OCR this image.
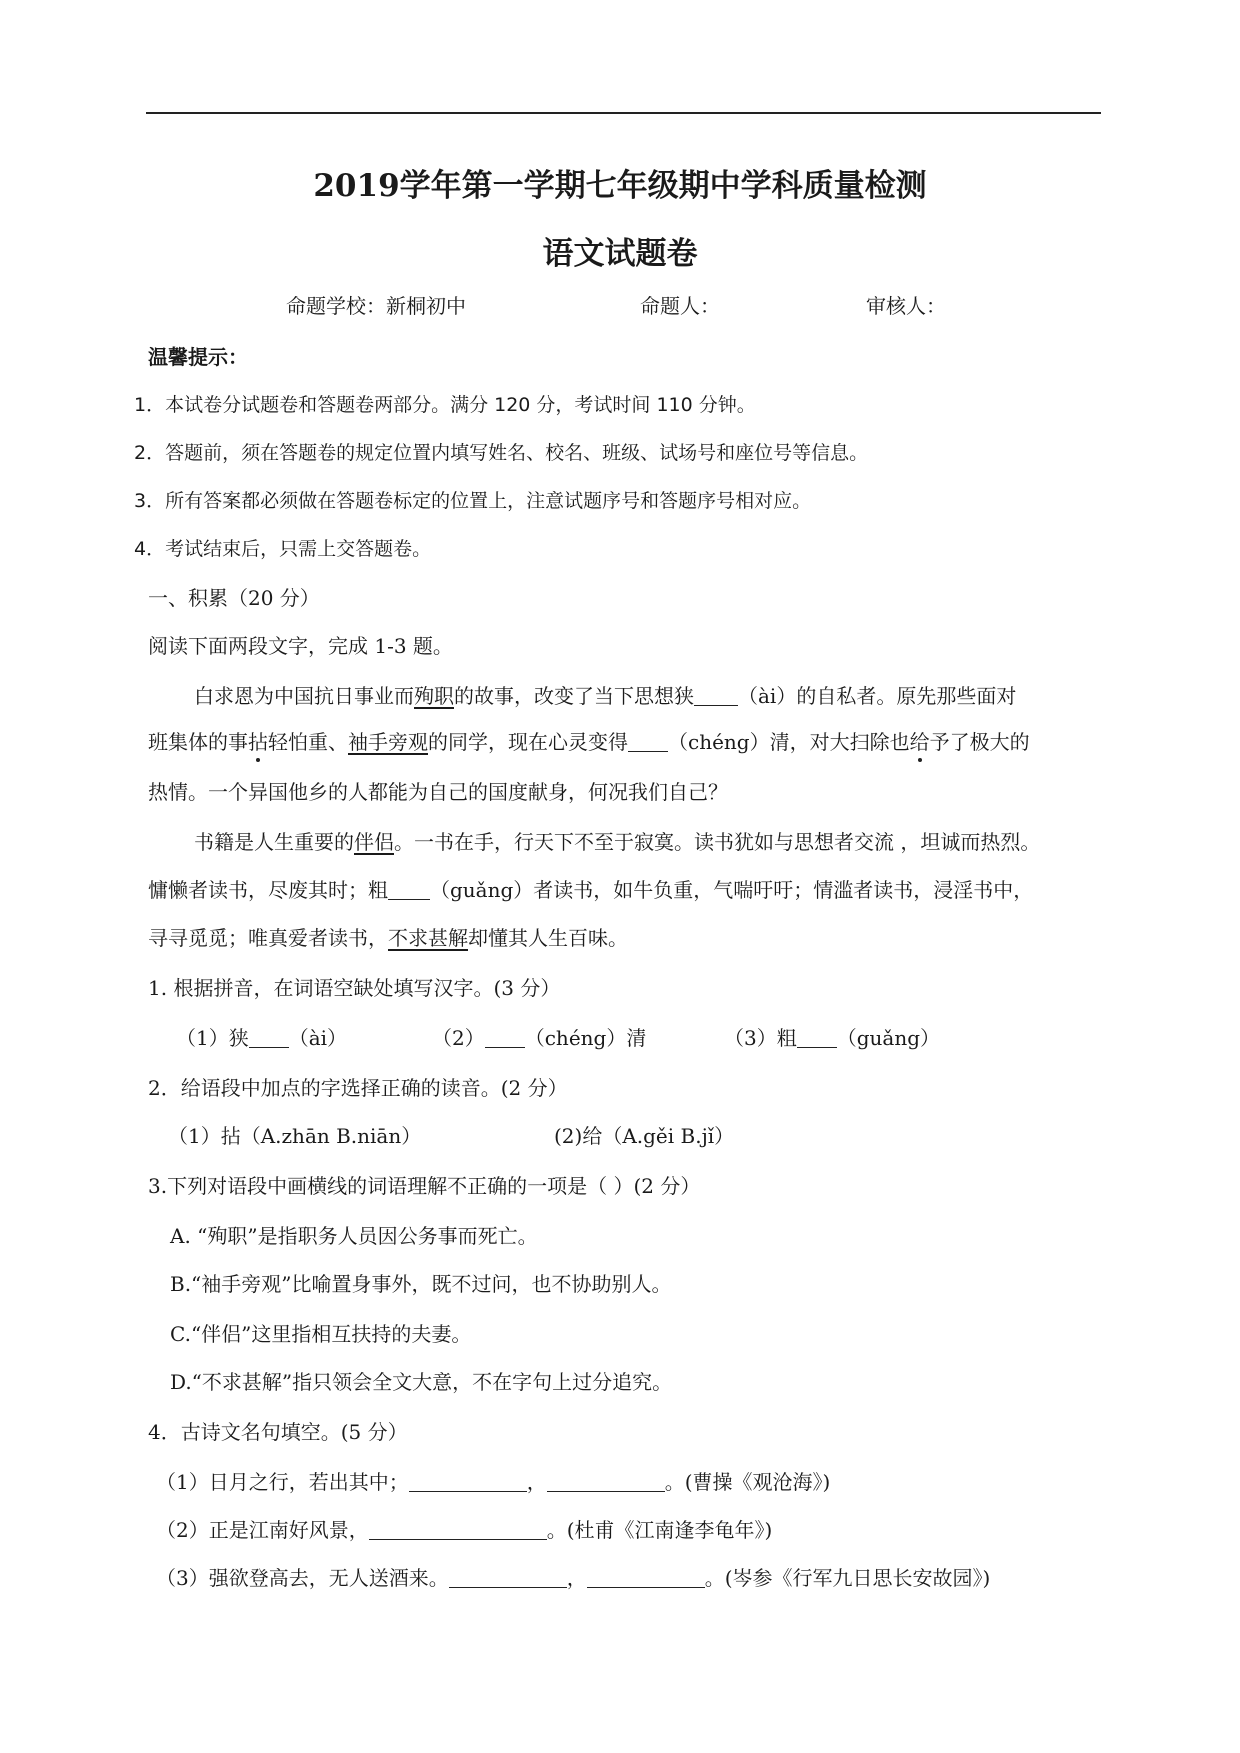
2019学年第一学期七年级期中学科质量检测
语文试题卷
命题学校：新桐初中	命题人：	审核人：
温馨提示：
1．本试卷分试题卷和答题卷两部分。满分 120 分，考试时间 110 分钟。
2．答题前，须在答题卷的规定位置内填写姓名、校名、班级、试场号和座位号等信息。
3．所有答案都必须做在答题卷标定的位置上，注意试题序号和答题序号相对应。
4．考试结束后，只需上交答题卷。
一、积累（20 分）
阅读下面两段文字，完成 1-3 题。
白求恩为中国抗日事业而殉职的故事，改变了当下思想狭 （ài）的自私者。原先那些面对
班集体的事拈轻怕重、袖手旁观的同学，现在心灵变得 （chéng）清，对大扫除也给予了极大的
热情。一个异国他乡的人都能为自己的国度献身，何况我们自己？
书籍是人生重要的伴侣。一书在手，行天下不至于寂寞。读书犹如与思想者交流 ，坦诚而热烈。
慵懒者读书，尽废其时；粗 （guǎng）者读书，如牛负重，气喘吁吁；情滥者读书，浸淫书中，
寻寻觅觅；唯真爱者读书，不求甚解却懂其人生百味。
1. 根据拼音，在词语空缺处填写汉字。(3 分）
（1）狭 （ài）	（2） （chéng）清	（3）粗 （guǎng）
2．给语段中加点的字选择正确的读音。(2 分）
（1）拈（A.zhān B.niān）	(2)给（A.gěi B.jǐ）
3.下列对语段中画横线的词语理解不正确的一项是（ ）(2 分）
A. “殉职”是指职务人员因公务事而死亡。
B.“袖手旁观”比喻置身事外，既不过问，也不协助别人。
C.“伴侣”这里指相互扶持的夫妻。
D.“不求甚解”指只领会全文大意，不在字句上过分追究。
4．古诗文名句填空。(5 分）
（1）日月之行，若出其中；	，	。(曹操《观沧海》)
（2）正是江南好风景，	。(杜甫《江南逢李龟年》)
（3）强欲登高去，无人送酒来。	，	。(岑参《行军九日思长安故园》)
